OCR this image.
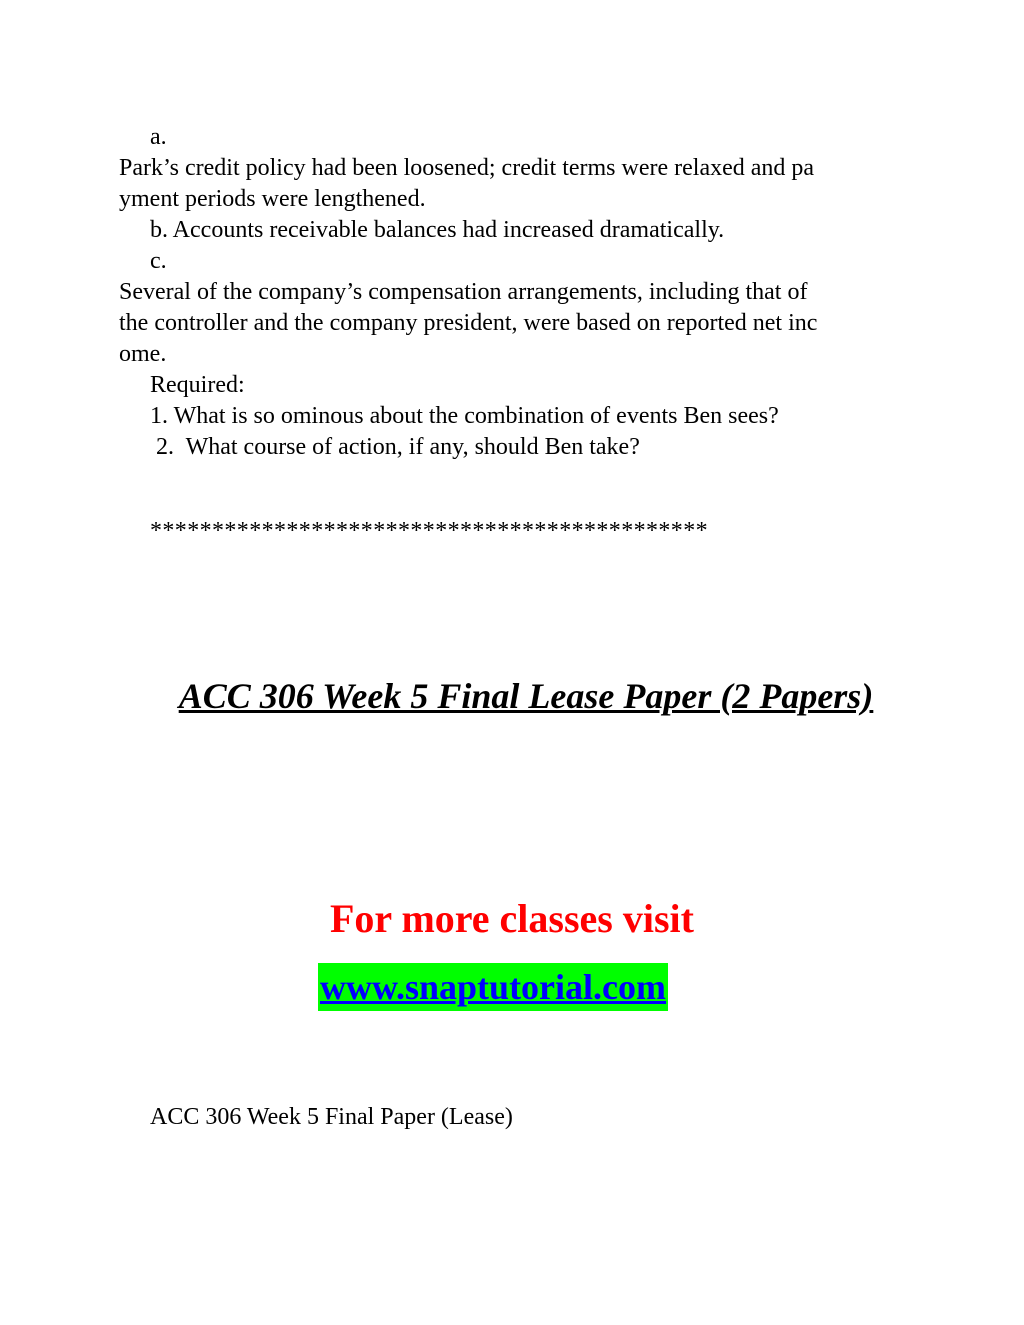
a.
Park’s credit policy had been loosened; credit terms were relaxed and pa
yment periods were lengthened.
b. Accounts receivable balances had increased dramatically.
c.
Several of the company’s compensation arrangements, including that of
the controller and the company president, were based on reported net inc
ome.
Required:
1. What is so ominous about the combination of events Ben sees?
2.  What course of action, if any, should Ben take?
*********************************************
ACC 306 Week 5 Final Lease Paper (2 Papers)
For more classes visit
www.snaptutorial.com
ACC 306 Week 5 Final Paper (Lease)
